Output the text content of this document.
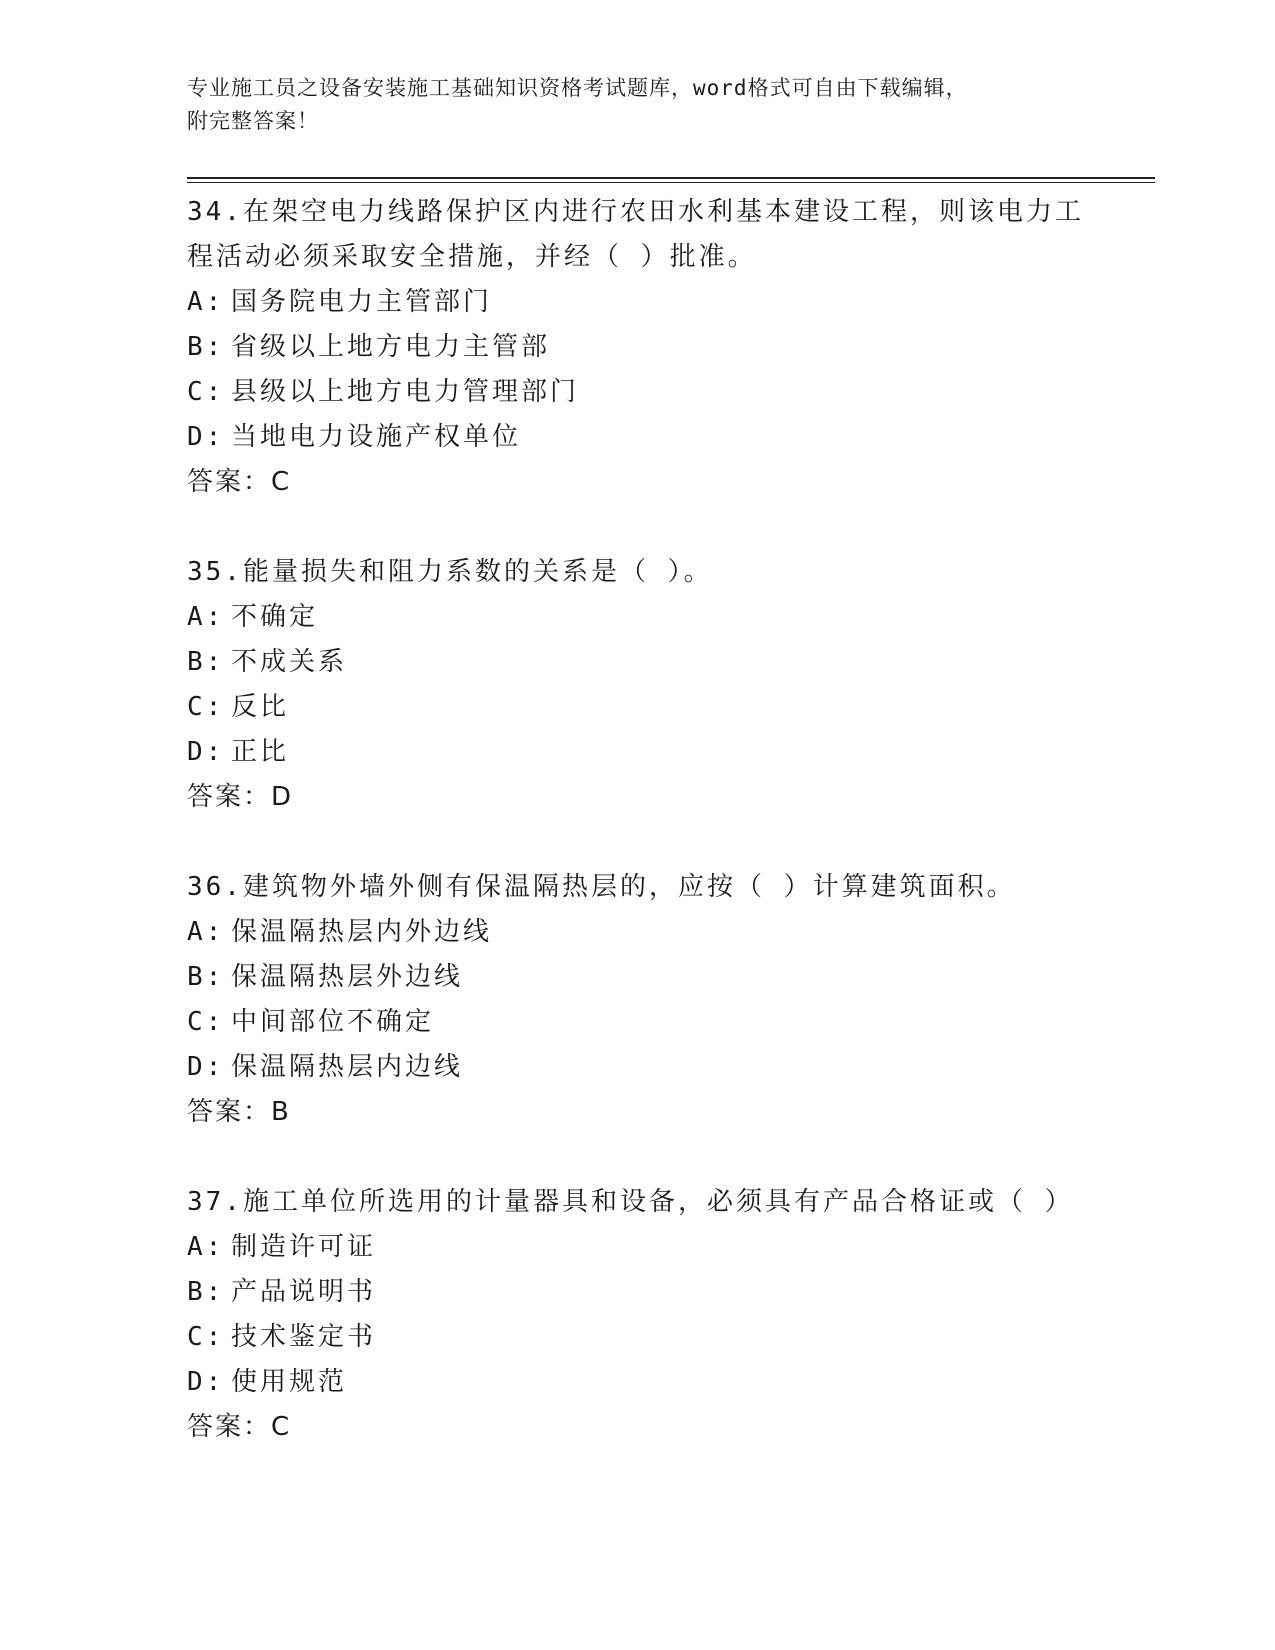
专业施工员之设备安装施工基础知识资格考试题库，word格式可自由下载编辑，
附完整答案！
34.在架空电力线路保护区内进行农田水利基本建设工程，则该电力工
程活动必须采取安全措施，并经（ ）批准。
A: 国务院电力主管部门
B: 省级以上地方电力主管部
C: 县级以上地方电力管理部门
D: 当地电力设施产权单位
答案：C
35.能量损失和阻力系数的关系是（ ）。
A: 不确定
B: 不成关系
C: 反比
D: 正比
答案：D
36.建筑物外墙外侧有保温隔热层的，应按（ ）计算建筑面积。
A: 保温隔热层内外边线
B: 保温隔热层外边线
C: 中间部位不确定
D: 保温隔热层内边线
答案：B
37.施工单位所选用的计量器具和设备，必须具有产品合格证或（ ）
A: 制造许可证
B: 产品说明书
C: 技术鉴定书
D: 使用规范
答案：C
